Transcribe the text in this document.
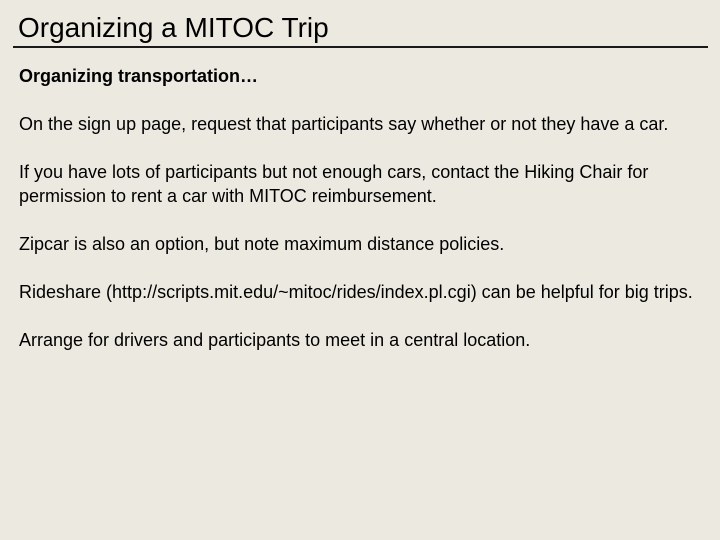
Organizing a MITOC Trip

Organizing transportation…

On the sign up page, request that participants say whether or not they have a car.

If you have lots of participants but not enough cars, contact the Hiking Chair for permission to rent a car with MITOC reimbursement.

Zipcar is also an option, but note maximum distance policies.

Rideshare (http://scripts.mit.edu/~mitoc/rides/index.pl.cgi) can be helpful for big trips.

Arrange for drivers and participants to meet in a central location.
